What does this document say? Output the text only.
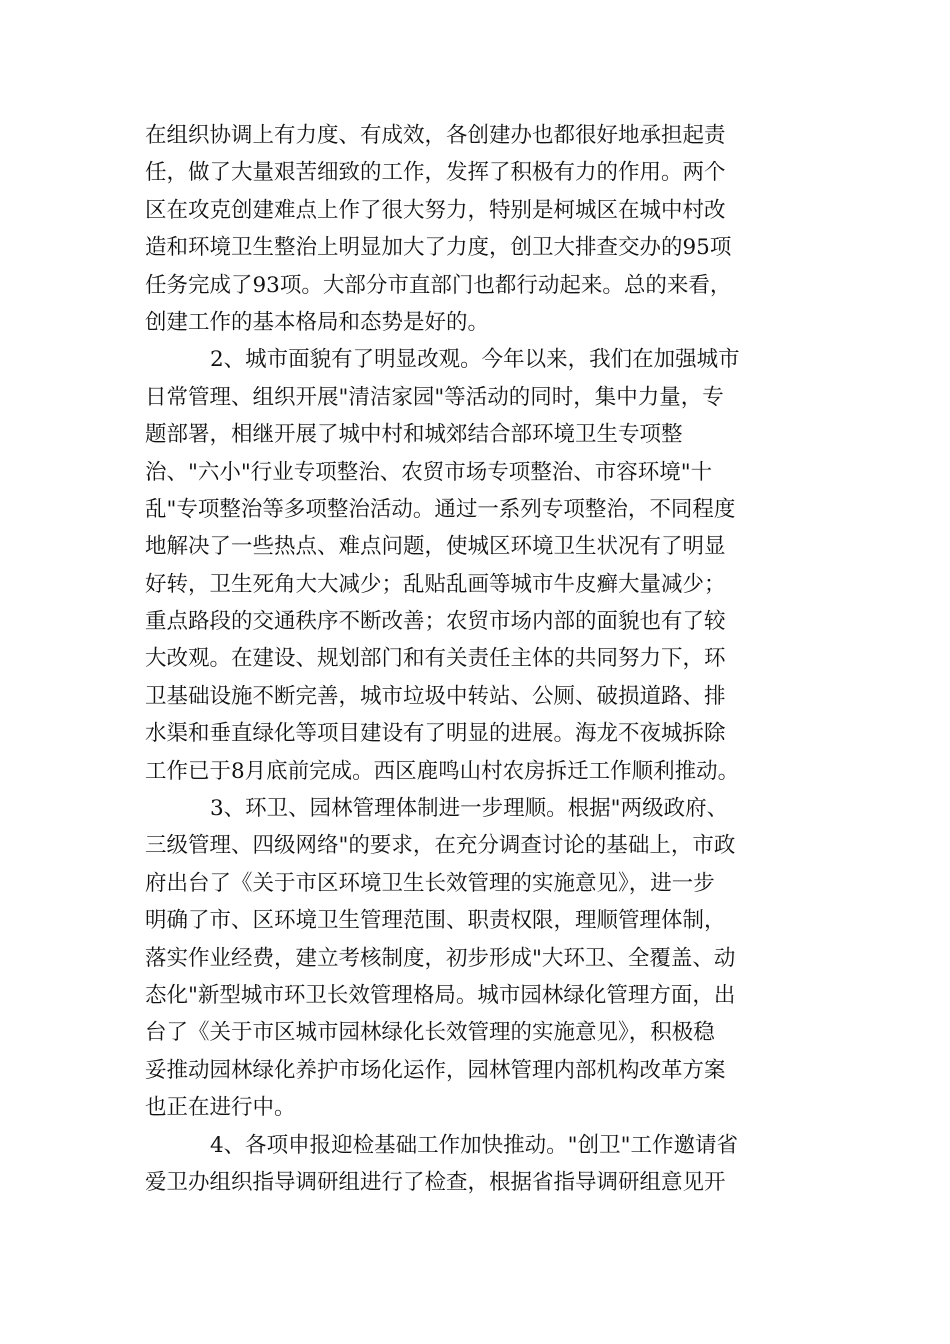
在组织协调上有力度、有成效，各创建办也都很好地承担起责
任，做了大量艰苦细致的工作，发挥了积极有力的作用。两个
区在攻克创建难点上作了很大努力，特别是柯城区在城中村改
造和环境卫生整治上明显加大了力度，创卫大排查交办的95项
任务完成了93项。大部分市直部门也都行动起来。总的来看，
创建工作的基本格局和态势是好的。
2、城市面貌有了明显改观。今年以来，我们在加强城市
日常管理、组织开展"清洁家园"等活动的同时，集中力量，专
题部署，相继开展了城中村和城郊结合部环境卫生专项整
治、"六小"行业专项整治、农贸市场专项整治、市容环境"十
乱"专项整治等多项整治活动。通过一系列专项整治，不同程度
地解决了一些热点、难点问题，使城区环境卫生状况有了明显
好转，卫生死角大大减少；乱贴乱画等城市牛皮癣大量减少；
重点路段的交通秩序不断改善；农贸市场内部的面貌也有了较
大改观。在建设、规划部门和有关责任主体的共同努力下，环
卫基础设施不断完善，城市垃圾中转站、公厕、破损道路、排
水渠和垂直绿化等项目建设有了明显的进展。海龙不夜城拆除
工作已于8月底前完成。西区鹿鸣山村农房拆迁工作顺利推动。
3、环卫、园林管理体制进一步理顺。根据"两级政府、
三级管理、四级网络"的要求，在充分调查讨论的基础上，市政
府出台了《关于市区环境卫生长效管理的实施意见》，进一步
明确了市、区环境卫生管理范围、职责权限，理顺管理体制，
落实作业经费，建立考核制度，初步形成"大环卫、全覆盖、动
态化"新型城市环卫长效管理格局。城市园林绿化管理方面，出
台了《关于市区城市园林绿化长效管理的实施意见》，积极稳
妥推动园林绿化养护市场化运作，园林管理内部机构改革方案
也正在进行中。
4、各项申报迎检基础工作加快推动。"创卫"工作邀请省
爱卫办组织指导调研组进行了检查，根据省指导调研组意见开
